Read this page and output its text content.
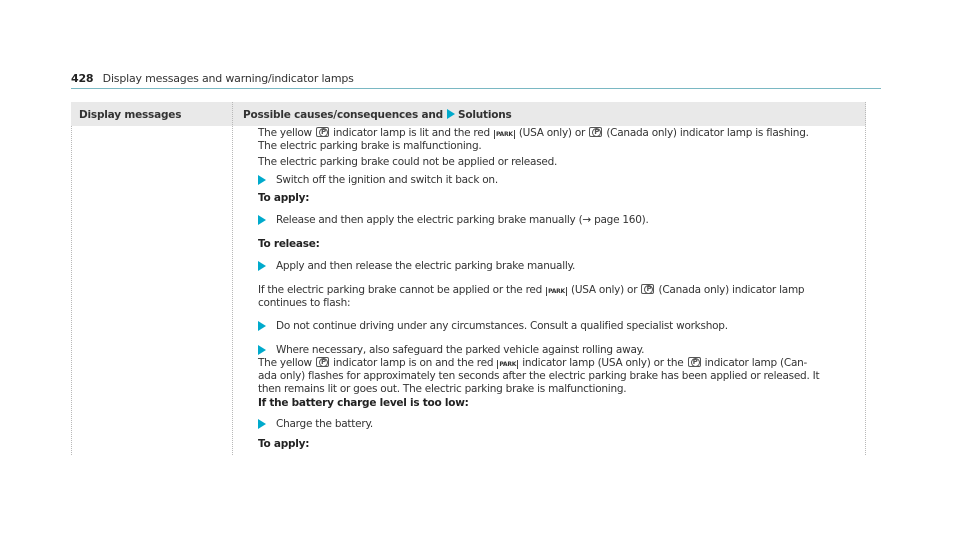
428 Display messages and warning/indicator lamps
Display messages	Possible causes/consequences and Solutions
The yellow P indicator lamp is lit and the red PARK (USA only) or P (Canada only) indicator lamp is flashing.
The electric parking brake is malfunctioning.
The electric parking brake could not be applied or released.
Switch off the ignition and switch it back on.
To apply:
Release and then apply the electric parking brake manually (→ page 160).
To release:
Apply and then release the electric parking brake manually.
If the electric parking brake cannot be applied or the red PARK (USA only) or P (Canada only) indicator lamp
continues to flash:
Do not continue driving under any circumstances. Consult a qualified specialist workshop.
Where necessary, also safeguard the parked vehicle against rolling away.
The yellow P indicator lamp is on and the red PARK indicator lamp (USA only) or the P indicator lamp (Can-
ada only) flashes for approximately ten seconds after the electric parking brake has been applied or released. It
then remains lit or goes out. The electric parking brake is malfunctioning.
If the battery charge level is too low:
Charge the battery.
To apply:
